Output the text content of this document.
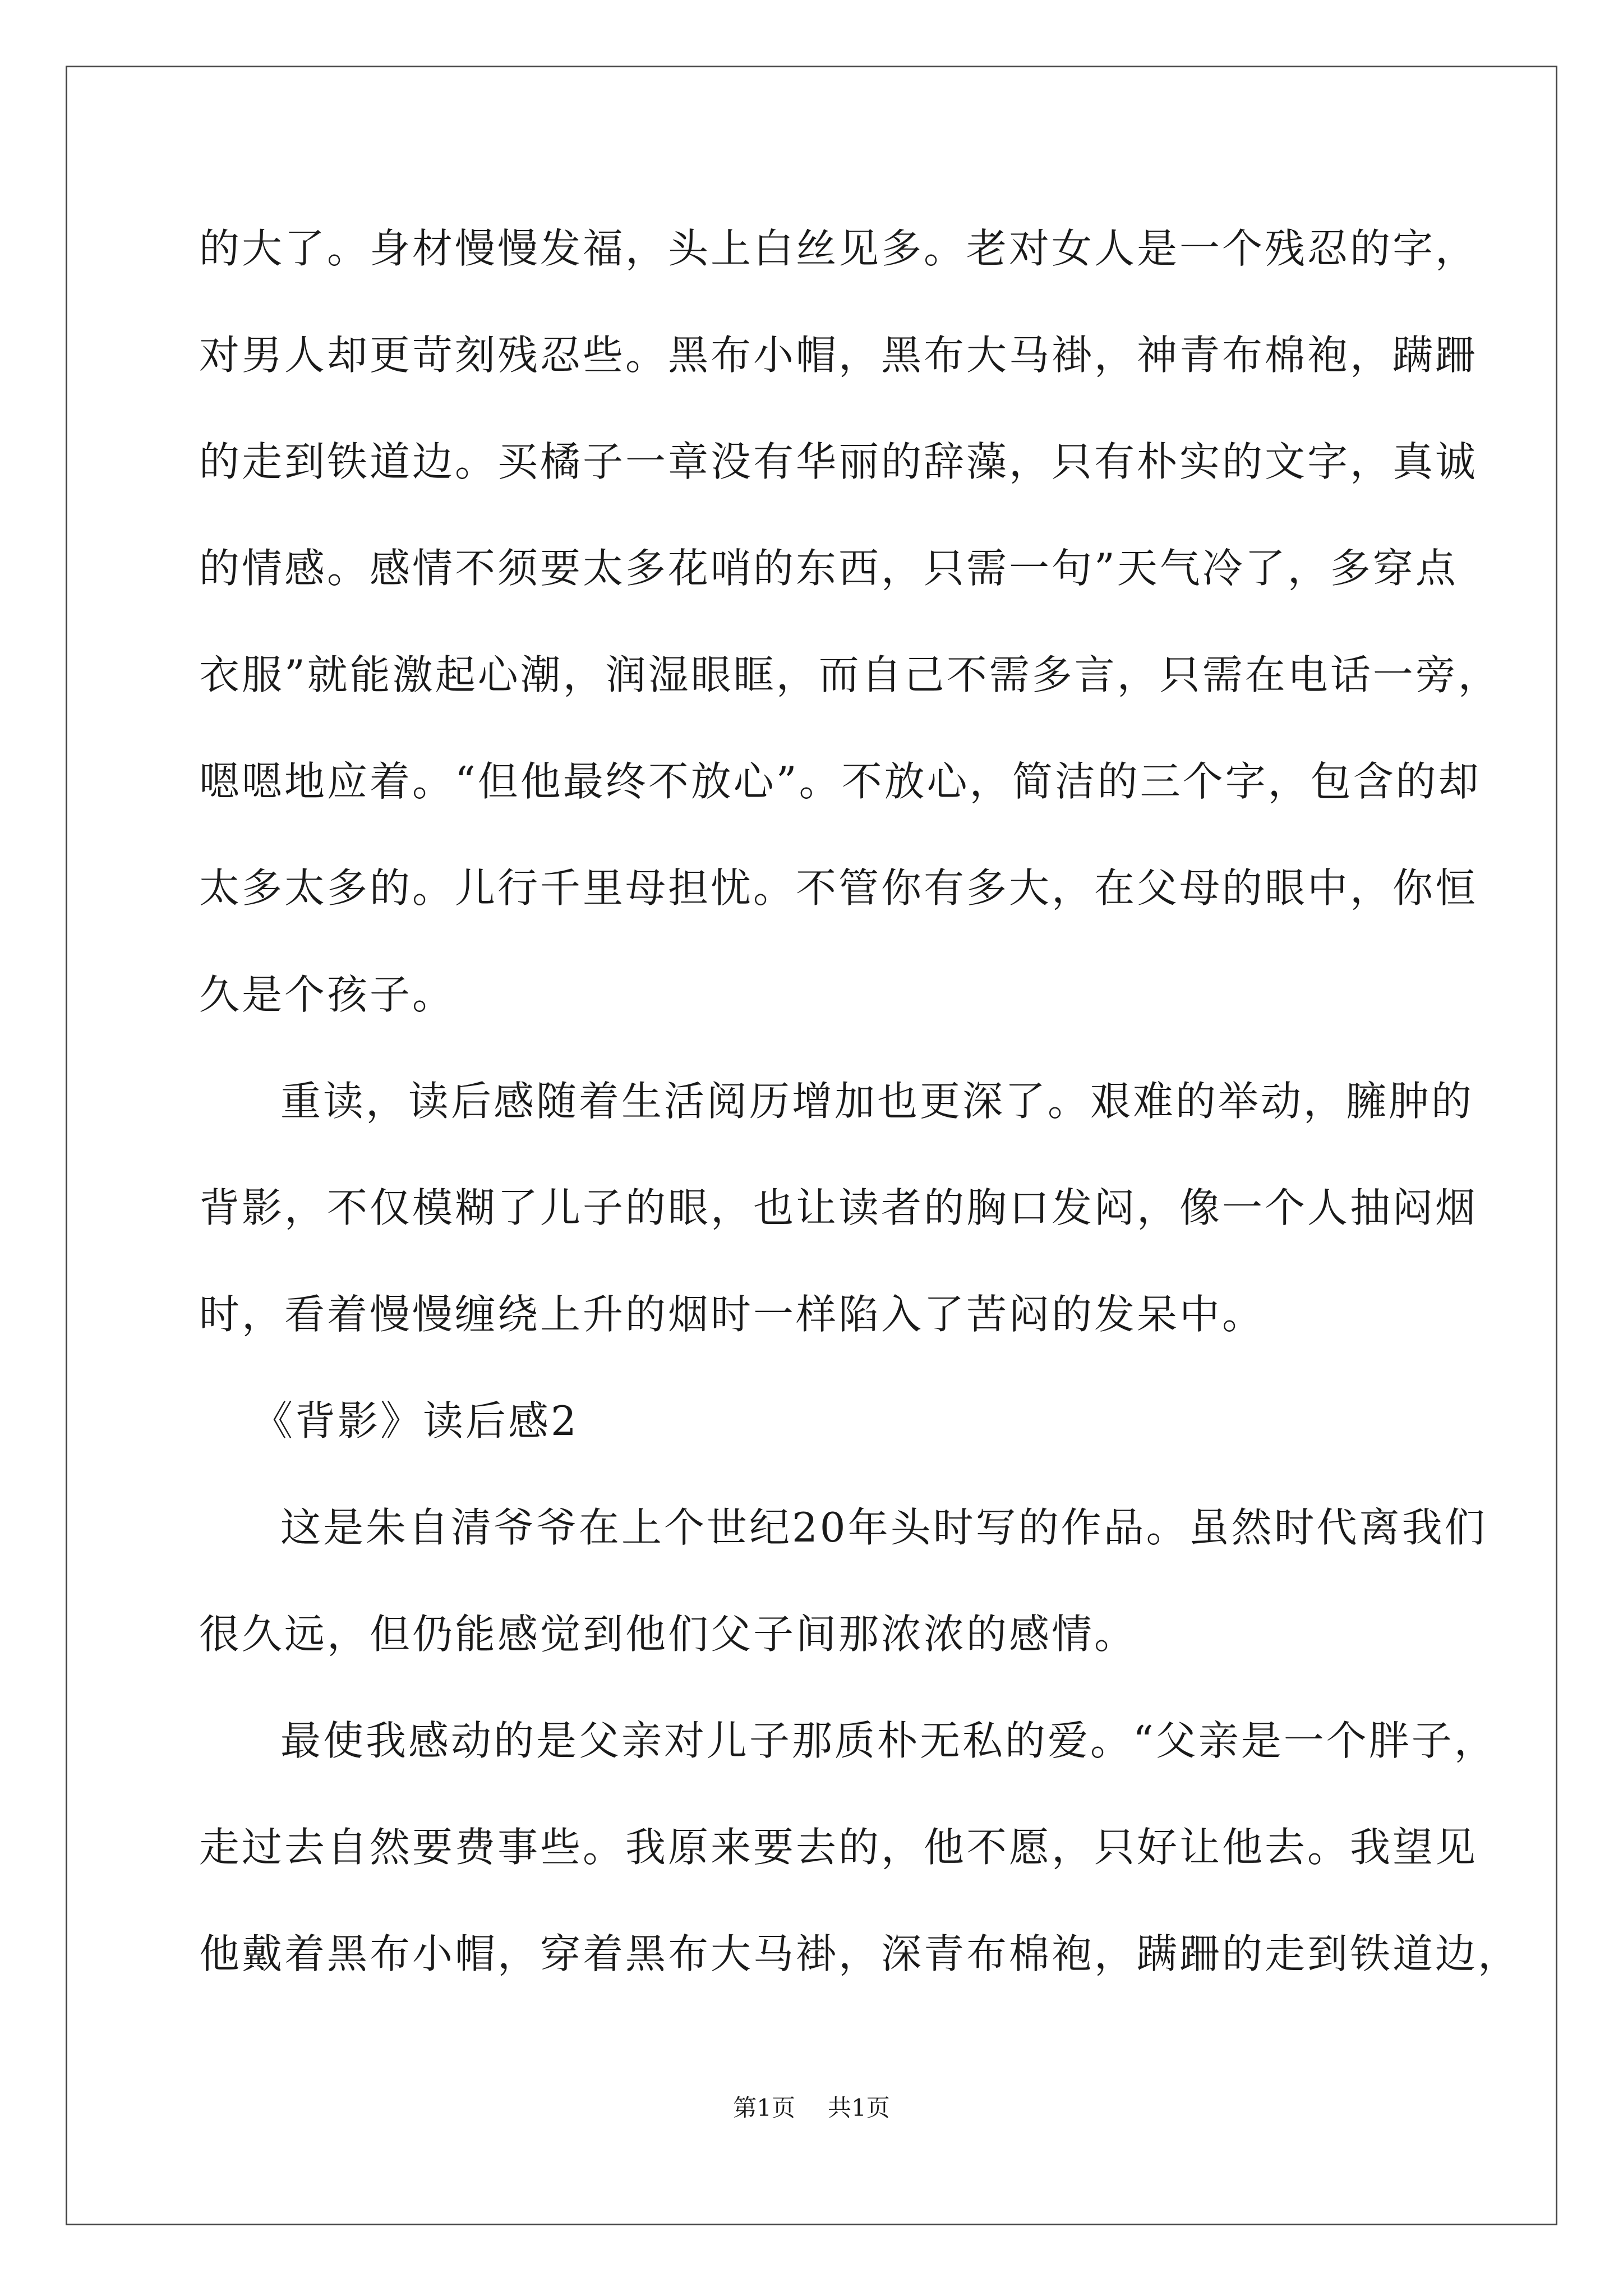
的大了。身材慢慢发福，头上白丝见多。老对女人是一个残忍的字，
对男人却更苛刻残忍些。黑布小帽，黑布大马褂，神青布棉袍，蹒跚
的走到铁道边。买橘子一章没有华丽的辞藻，只有朴实的文字，真诚
的情感。感情不须要太多花哨的东西，只需一句”天气冷了，多穿点
衣服”就能激起心潮，润湿眼眶，而自己不需多言，只需在电话一旁，
嗯嗯地应着。“但他最终不放心”。不放心，简洁的三个字，包含的却
太多太多的。儿行千里母担忧。不管你有多大，在父母的眼中，你恒
久是个孩子。
重读，读后感随着生活阅历增加也更深了。艰难的举动，臃肿的
背影，不仅模糊了儿子的眼，也让读者的胸口发闷，像一个人抽闷烟
时，看着慢慢缠绕上升的烟时一样陷入了苦闷的发呆中。
《背影》读后感2
这是朱自清爷爷在上个世纪20年头时写的作品。虽然时代离我们
很久远，但仍能感觉到他们父子间那浓浓的感情。
最使我感动的是父亲对儿子那质朴无私的爱。“父亲是一个胖子，
走过去自然要费事些。我原来要去的，他不愿，只好让他去。我望见
他戴着黑布小帽，穿着黑布大马褂，深青布棉袍，蹒跚的走到铁道边，
第1页 共1页
